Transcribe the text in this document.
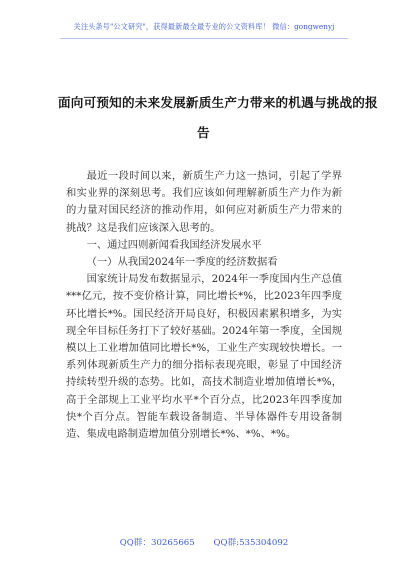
关注头条号"公文研究"，获得最新最全最专业的公文资料库！ 微信：gongwenyj
面向可预知的未来发展新质生产力带来的机遇与挑战的报
告

最近一段时间以来，新质生产力这一热词，引起了学界和实业界的深刻思考。我们应该如何理解新质生产力作为新的力量对国民经济的推动作用，如何应对新质生产力带来的挑战？这是我们应该深入思考的。

一、通过四则新闻看我国经济发展水平

（一）从我国2024年一季度的经济数据看

国家统计局发布数据显示，2024年一季度国内生产总值***亿元，按不变价格计算，同比增长*%，比2023年四季度环比增长*%。国民经济开局良好，积极因素累积增多，为实现全年目标任务打下了较好基础。2024年第一季度，全国规模以上工业增加值同比增长*%，工业生产实现较快增长。一系列体现新质生产力的细分指标表现亮眼，彰显了中国经济持续转型升级的态势。比如，高技术制造业增加值增长*%，高于全部规上工业平均水平*个百分点，比2023年四季度加快*个百分点。智能车载设备制造、半导体器件专用设备制造、集成电路制造增加值分别增长*%、*%、*%。

QQ群：30265665 QQ群:535304092
